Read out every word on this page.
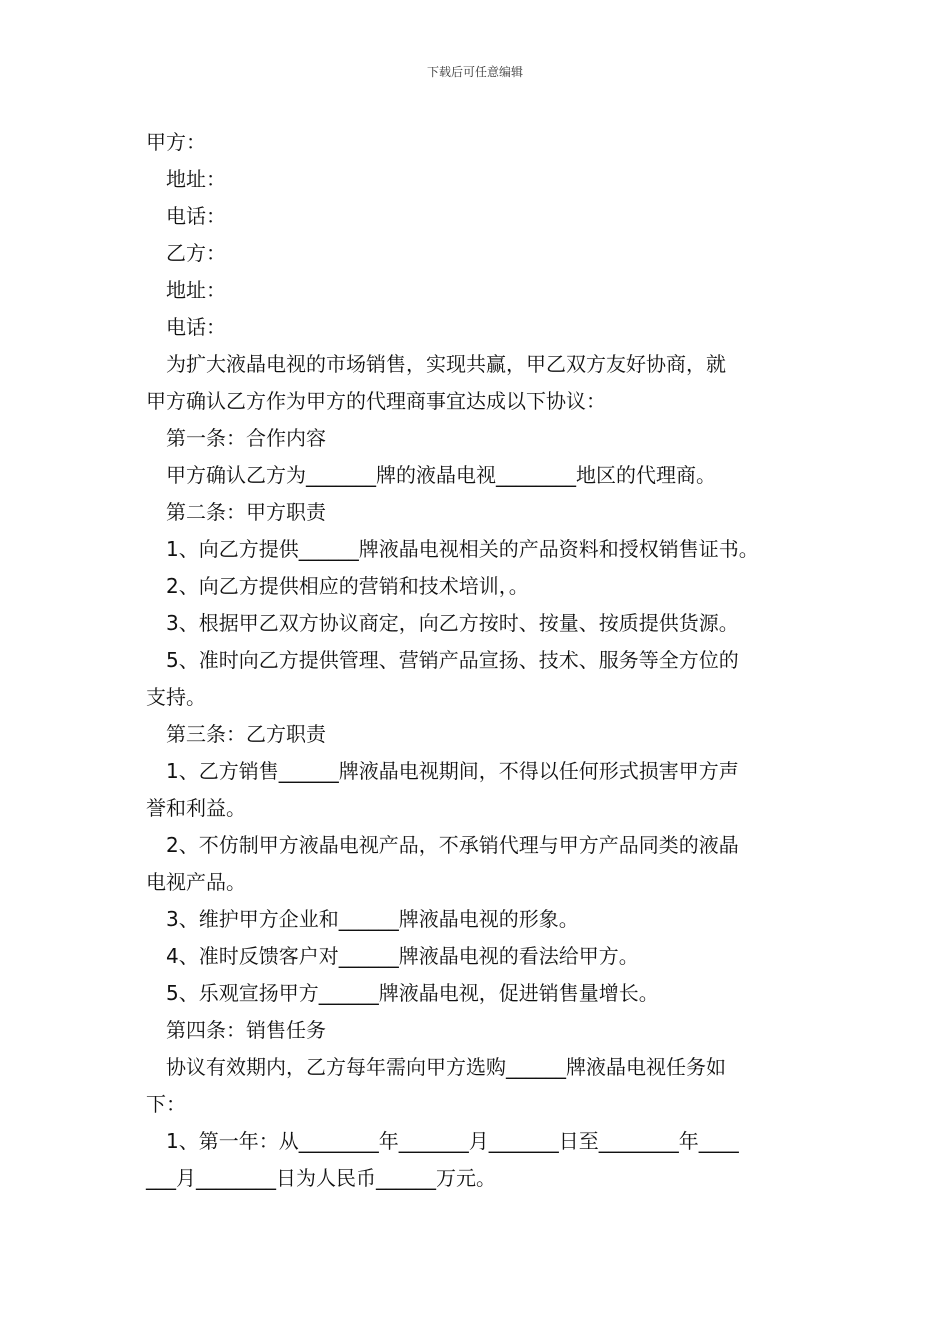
下载后可任意编辑

甲方：

地址：

电话：

乙方：

地址：

电话：

为扩大液晶电视的市场销售，实现共赢，甲乙双方友好协商，就

甲方确认乙方作为甲方的代理商事宜达成以下协议：

第一条：合作内容

甲方确认乙方为_______牌的液晶电视________地区的代理商。

第二条：甲方职责

1、向乙方提供______牌液晶电视相关的产品资料和授权销售证书。

2、向乙方提供相应的营销和技术培训，。

3、根据甲乙双方协议商定，向乙方按时、按量、按质提供货源。

5、准时向乙方提供管理、营销产品宣扬、技术、服务等全方位的

支持。

第三条：乙方职责

1、乙方销售______牌液晶电视期间，不得以任何形式损害甲方声

誉和利益。

2、不仿制甲方液晶电视产品，不承销代理与甲方产品同类的液晶

电视产品。

3、维护甲方企业和______牌液晶电视的形象。

4、准时反馈客户对______牌液晶电视的看法给甲方。

5、乐观宣扬甲方______牌液晶电视，促进销售量增长。

第四条：销售任务

协议有效期内，乙方每年需向甲方选购______牌液晶电视任务如

下：

1、第一年：从________年_______月_______日至________年____

___月________日为人民币______万元。
